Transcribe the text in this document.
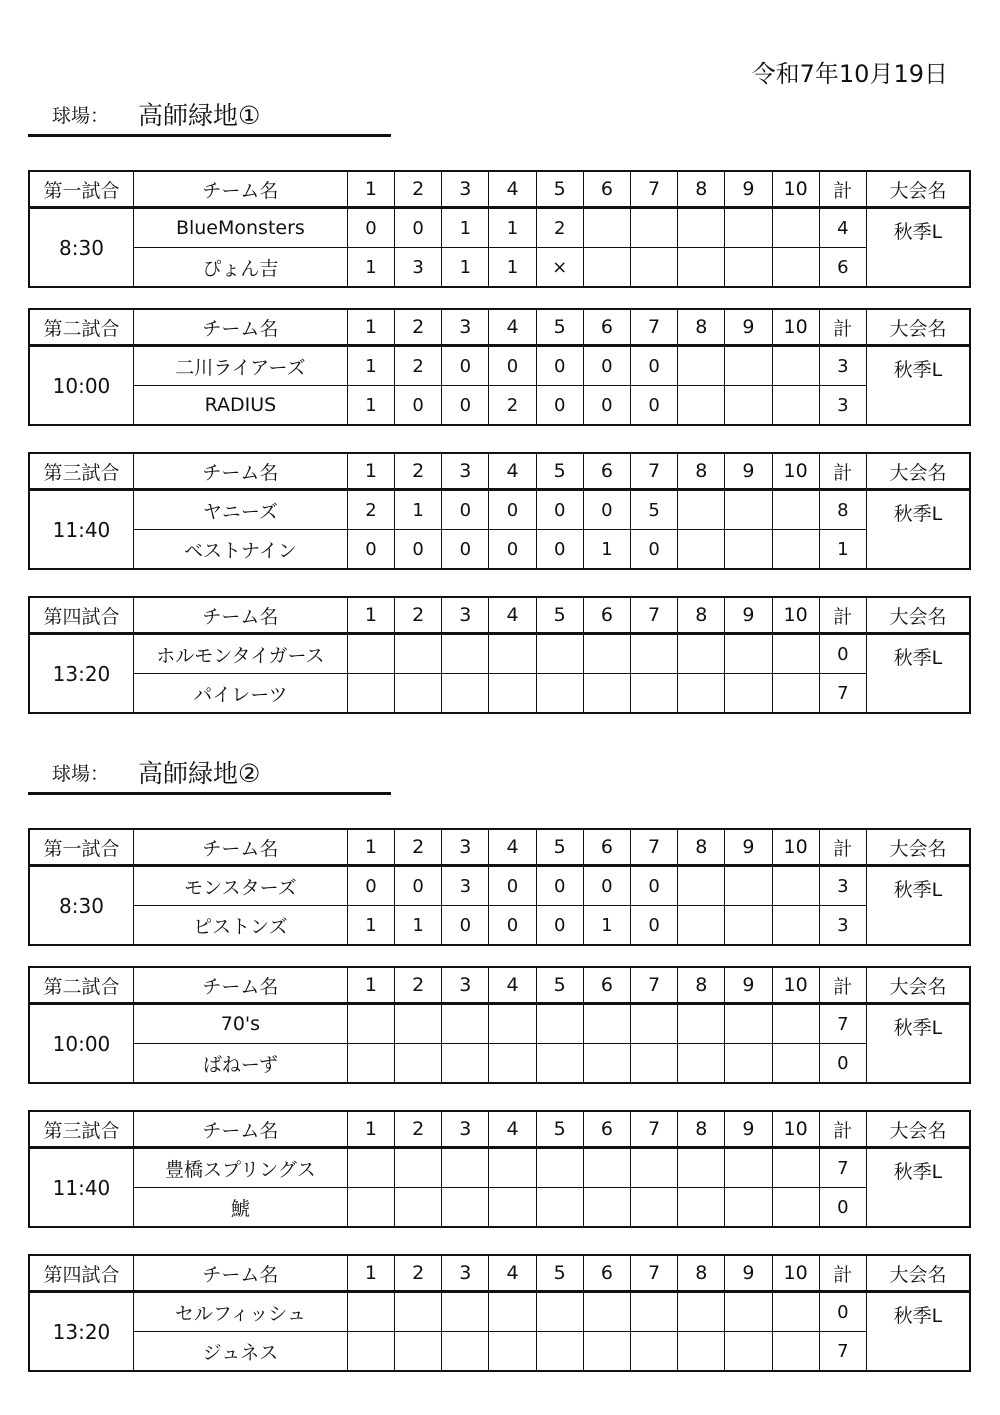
令和7年10月19日
球場： 高師緑地①
第一試合	チーム名	1	2	3	4	5	6	7	8	9	10	計	大会名
8:30	BlueMonsters	0	0	1	1	2						4	秋季L
	ぴょん吉	1	3	1	1	×						6	
第二試合	チーム名	1	2	3	4	5	6	7	8	9	10	計	大会名
10:00	二川ライアーズ	1	2	0	0	0	0	0				3	秋季L
	RADIUS	1	0	0	2	0	0	0				3	
第三試合	チーム名	1	2	3	4	5	6	7	8	9	10	計	大会名
11:40	ヤニーズ	2	1	0	0	0	0	5				8	秋季L
	ベストナイン	0	0	0	0	0	1	0				1	
第四試合	チーム名	1	2	3	4	5	6	7	8	9	10	計	大会名
13:20	ホルモンタイガース											0	秋季L
	パイレーツ											7	
球場： 高師緑地②
第一試合	チーム名	1	2	3	4	5	6	7	8	9	10	計	大会名
8:30	モンスターズ	0	0	3	0	0	0	0				3	秋季L
	ピストンズ	1	1	0	0	0	1	0				3	
第二試合	チーム名	1	2	3	4	5	6	7	8	9	10	計	大会名
10:00	70's											7	秋季L
	ばねーず											0	
第三試合	チーム名	1	2	3	4	5	6	7	8	9	10	計	大会名
11:40	豊橋スプリングス											7	秋季L
	鯱											0	
第四試合	チーム名	1	2	3	4	5	6	7	8	9	10	計	大会名
13:20	セルフィッシュ											0	秋季L
	ジュネス											7	
